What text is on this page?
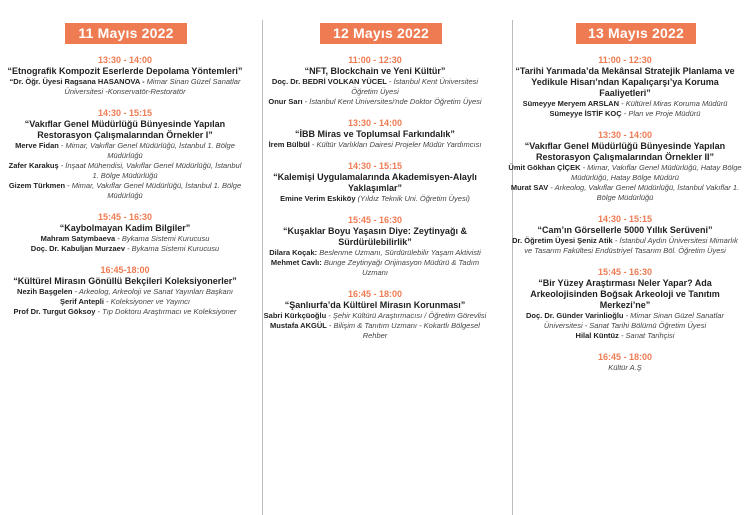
11 Mayıs 2022
13:30 - 14:00
“Etnografik Kompozit Eserlerde Depolama Yöntemleri”
“Dr. Öğr. Üyesi Ragsana HASANOVA - Mimar Sinan Güzel Sanatlar Üniversitesi -Konservatör-Restoratör
14:30 - 15:15
“Vakıflar Genel Müdürlüğü Bünyesinde Yapılan Restorasyon Çalışmalarından Örnekler I”
Merve Fidan - Mimar, Vakıflar Genel Müdürlüğü, İstanbul 1. Bölge Müdürlüğü
Zafer Karakuş - İnşaat Mühendisi, Vakıflar Genel Müdürlüğü, İstanbul 1. Bölge Müdürlüğü
Gizem Türkmen - Mimar, Vakıflar Genel Müdürlüğü, İstanbul 1. Bölge Müdürlüğü
15:45 - 16:30
“Kaybolmayan Kadim Bilgiler”
Mahram Satymbaeva - Bykama Sistemi Kurucusu
Doç. Dr. Kabuljan Murzaev - Bykama Sistemi Kurucusu
16:45-18:00
“Kültürel Mirasın Gönüllü Bekçileri Koleksiyonerler”
Nezih Başgelen - Arkeolog, Arkeoloji ve Sanat Yayınları Başkanı
Şerif Antepli - Koleksiyoner ve Yayıncı
Prof Dr. Turgut Göksoy - Tıp Doktoru Araştırmacı ve Koleksiyoner
12 Mayıs 2022
11:00 - 12:30
“NFT, Blockchain ve Yeni Kültür”
Doç. Dr. BEDRİ VOLKAN YÜCEL - İstanbul Kent Üniversitesi Öğretim Üyesi
Onur Sarı - İstanbul Kent Üniversitesi'nde Doktor Öğretim Üyesi
13:30 - 14:00
“İBB Miras ve Toplumsal Farkındalık”
İrem Bülbül - Kültür Varlıkları Dairesi Projeler Müdür Yardımcısı
14:30 - 15:15
“Kalemişi Uygulamalarında Akademisyen-Alaylı Yaklaşımlar”
Emine Verim Eskiköy (Yıldız Teknik Uni. Öğretim Üyesi)
15:45 - 16:30
“Kuşaklar Boyu Yaşasın Diye: Zeytinyağı & Sürdürülebilirlik”
Dilara Koçak: Beslenme Uzmanı, Sürdürülebilir Yaşam Aktivisti
Mehmet Cavlı: Bunge Zeytinyağı Orijinasyon Müdürü & Tadım Uzmanı
16:45 - 18:00
“Şanlıurfa’da Kültürel Mirasın Korunması”
Sabri Kürkçüoğlu - Şehir Kültürü Araştırmacısı / Öğretim Görevlisi
Mustafa AKGÜL - Bilişim & Tanıtım Uzmanı - Kokartlı Bölgesel Rehber
13 Mayıs 2022
11:00 - 12:30
“Tarihi Yarımada’da Mekânsal Stratejik Planlama ve Yedikule Hisarı’ndan Kapalıçarşı’ya Koruma Faaliyetleri”
Sümeyye Meryem ARSLAN - Kültürel Miras Koruma Müdürü
Sümeyye İSTİF KOÇ - Plan ve Proje Müdürü
13:30 - 14:00
“Vakıflar Genel Müdürlüğü Bünyesinde Yapılan Restorasyon Çalışmalarından Örnekler II”
Ümit Gökhan ÇİÇEK - Mimar, Vakıflar Genel Müdürlüğü, Hatay Bölge Müdürlüğü, Hatay Bölge Müdürü
Murat SAV - Arkeolog, Vakıflar Genel Müdürlüğü, İstanbul Vakıflar 1. Bölge Müdürlüğü
14:30 - 15:15
“Cam’ın Görsellerle 5000 Yıllık Serüveni”
Dr. Öğretim Üyesi Şeniz Atik - İstanbul Aydın Üniversitesi Mimarlık ve Tasarım Fakültesi Endüstriyel Tasarım Böl. Öğretim Üyesi
15:45 - 16:30
“Bir Yüzey Araştırması Neler Yapar? Ada Arkeolojisinden Boğsak Arkeoloji ve Tanıtım Merkezi’ne”
Doç. Dr. Günder Varinlioğlu - Mimar Sinan Güzel Sanatlar Üniversitesi - Sanat Tarihi Bölümü Öğretim Üyesi
Hilal Küntüz - Sanat Tarihçisi
16:45 - 18:00
Kültür A.Ş
